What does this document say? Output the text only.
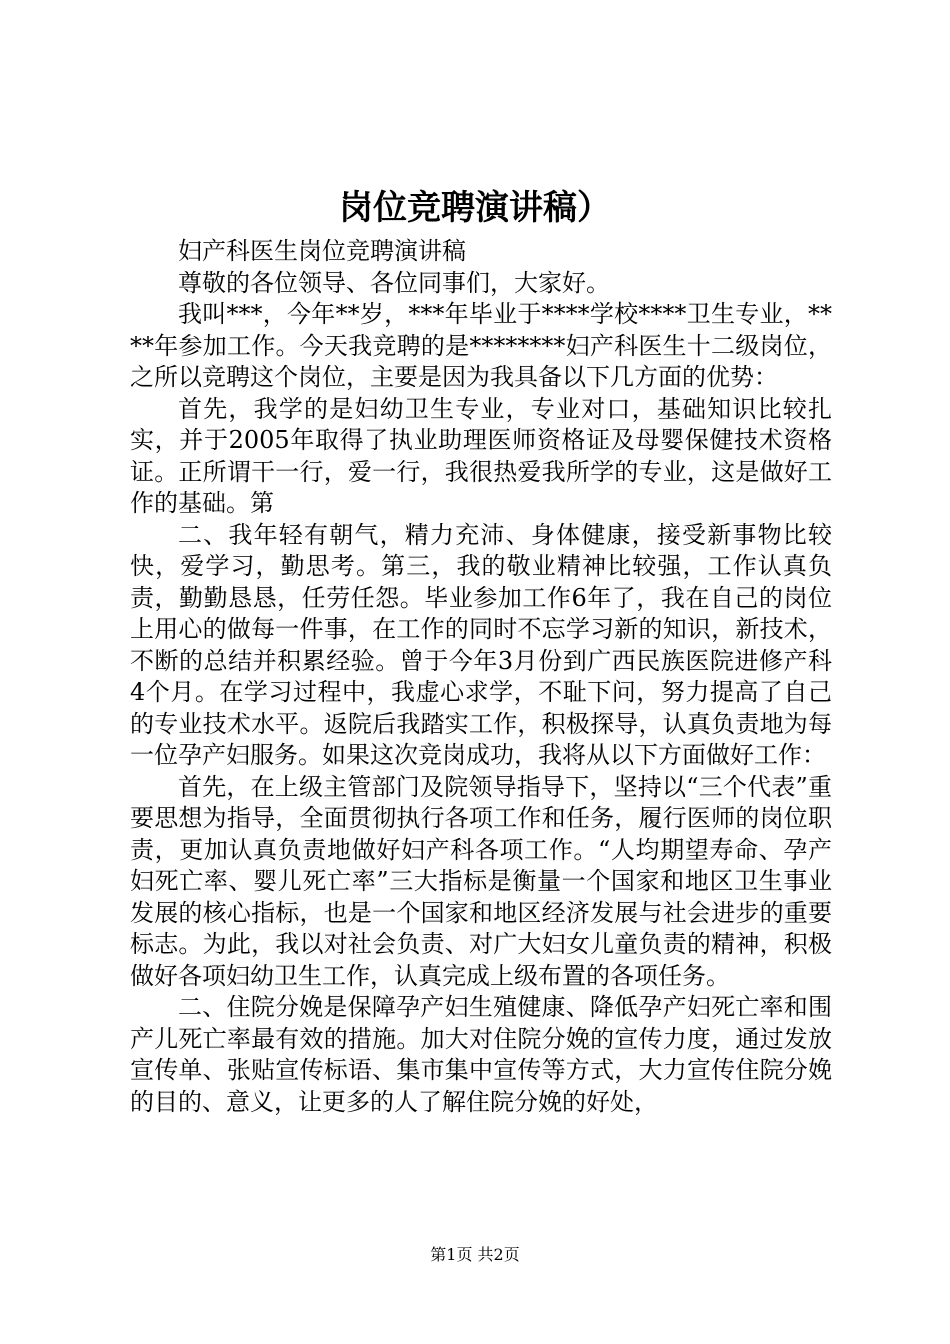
岗位竞聘演讲稿）

妇产科医生岗位竞聘演讲稿

尊敬的各位领导、各位同事们，大家好。

我叫***，今年**岁，***年毕业于****学校****卫生专业，****年参加工作。今天我竞聘的是********妇产科医生十二级岗位，之所以竞聘这个岗位，主要是因为我具备以下几方面的优势：

首先，我学的是妇幼卫生专业，专业对口，基础知识比较扎实，并于2005年取得了执业助理医师资格证及母婴保健技术资格证。正所谓干一行，爱一行，我很热爱我所学的专业，这是做好工作的基础。第

二、我年轻有朝气，精力充沛、身体健康，接受新事物比较快，爱学习，勤思考。第三，我的敬业精神比较强，工作认真负责，勤勤恳恳，任劳任怨。毕业参加工作6年了，我在自己的岗位上用心的做每一件事，在工作的同时不忘学习新的知识，新技术，不断的总结并积累经验。曾于今年3月份到广西民族医院进修产科4个月。在学习过程中，我虚心求学，不耻下问，努力提高了自己的专业技术水平。返院后我踏实工作，积极探导，认真负责地为每一位孕产妇服务。如果这次竞岗成功，我将从以下方面做好工作：

首先，在上级主管部门及院领导指导下，坚持以“三个代表”重要思想为指导，全面贯彻执行各项工作和任务，履行医师的岗位职责，更加认真负责地做好妇产科各项工作。“人均期望寿命、孕产妇死亡率、婴儿死亡率”三大指标是衡量一个国家和地区卫生事业发展的核心指标，也是一个国家和地区经济发展与社会进步的重要标志。为此，我以对社会负责、对广大妇女儿童负责的精神，积极做好各项妇幼卫生工作，认真完成上级布置的各项任务。

二、住院分娩是保障孕产妇生殖健康、降低孕产妇死亡率和围产儿死亡率最有效的措施。加大对住院分娩的宣传力度，通过发放宣传单、张贴宣传标语、集市集中宣传等方式，大力宣传住院分娩的目的、意义，让更多的人了解住院分娩的好处，

第1页 共2页
